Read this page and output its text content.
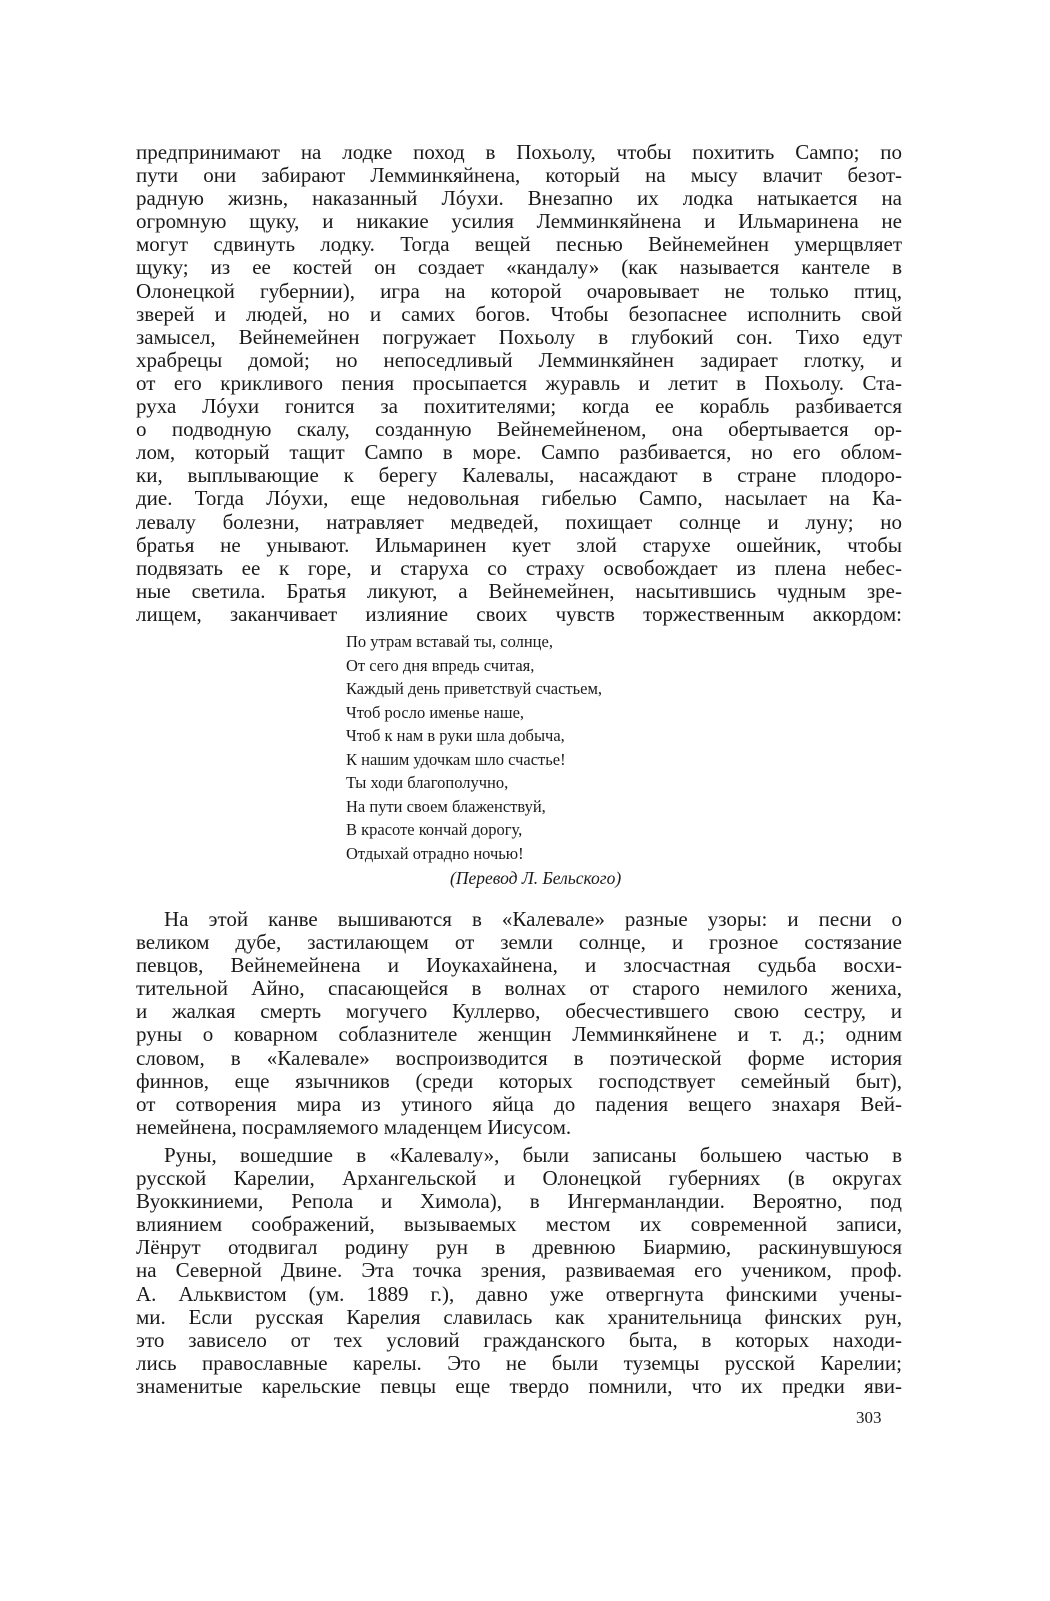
предпринимают на лодке поход в Похьолу, чтобы похитить Сампо; по
пути они забирают Лемминкяйнена, который на мысу влачит безот-
радную жизнь, наказанный Лóухи. Внезапно их лодка натыкается на
огромную щуку, и никакие усилия Лемминкяйнена и Ильмаринена не
могут сдвинуть лодку. Тогда вещей песнью Вейнемейнен умерщвляет
щуку; из ее костей он создает «кандалу» (как называется кантеле в
Олонецкой губернии), игра на которой очаровывает не только птиц,
зверей и людей, но и самих богов. Чтобы безопаснее исполнить свой
замысел, Вейнемейнен погружает Похьолу в глубокий сон. Тихо едут
храбрецы домой; но непоседливый Лемминкяйнен задирает глотку, и
от его крикливого пения просыпается журавль и летит в Похьолу. Ста-
руха Лóухи гонится за похитителями; когда ее корабль разбивается
о подводную скалу, созданную Вейнемейненом, она обертывается ор-
лом, который тащит Сампо в море. Сампо разбивается, но его облом-
ки, выплывающие к берегу Калевалы, насаждают в стране плодоро-
дие. Тогда Лóухи, еще недовольная гибелью Сампо, насылает на Ка-
левалу болезни, натравляет медведей, похищает солнце и луну; но
братья не унывают. Ильмаринен кует злой старухе ошейник, чтобы
подвязать ее к горе, и старуха со страху освобождает из плена небес-
ные светила. Братья ликуют, а Вейнемейнен, насытившись чудным зре-
лищем, заканчивает излияние своих чувств торжественным аккордом:
По утрам вставай ты, солнце,
От сего дня впредь считая,
Каждый день приветствуй счастьем,
Чтоб росло именье наше,
Чтоб к нам в руки шла добыча,
К нашим удочкам шло счастье!
Ты ходи благополучно,
На пути своем блаженствуй,
В красоте кончай дорогу,
Отдыхай отрадно ночью!
(Перевод Л. Бельского)
На этой канве вышиваются в «Калевале» разные узоры: и песни о
великом дубе, застилающем от земли солнце, и грозное состязание
певцов, Вейнемейнена и Иоукахайнена, и злосчастная судьба восхи-
тительной Айно, спасающейся в волнах от старого немилого жениха,
и жалкая смерть могучего Куллерво, обесчестившего свою сестру, и
руны о коварном соблазнителе женщин Лемминкяйнене и т. д.; одним
словом, в «Калевале» воспроизводится в поэтической форме история
финнов, еще язычников (среди которых господствует семейный быт),
от сотворения мира из утиного яйца до падения вещего знахаря Вей-
немейнена, посрамляемого младенцем Иисусом.
Руны, вошедшие в «Калевалу», были записаны большею частью в
русской Карелии, Архангельской и Олонецкой губерниях (в округах
Вуоккиниеми, Репола и Химола), в Ингерманландии. Вероятно, под
влиянием соображений, вызываемых местом их современной записи,
Лёнрут отодвигал родину рун в древнюю Биармию, раскинувшуюся
на Северной Двине. Эта точка зрения, развиваемая его учеником, проф.
А. Альквистом (ум. 1889 г.), давно уже отвергнута финскими учены-
ми. Если русская Карелия славилась как хранительница финских рун,
это зависело от тех условий гражданского быта, в которых находи-
лись православные карелы. Это не были туземцы русской Карелии;
знаменитые карельские певцы еще твердо помнили, что их предки яви-
303
